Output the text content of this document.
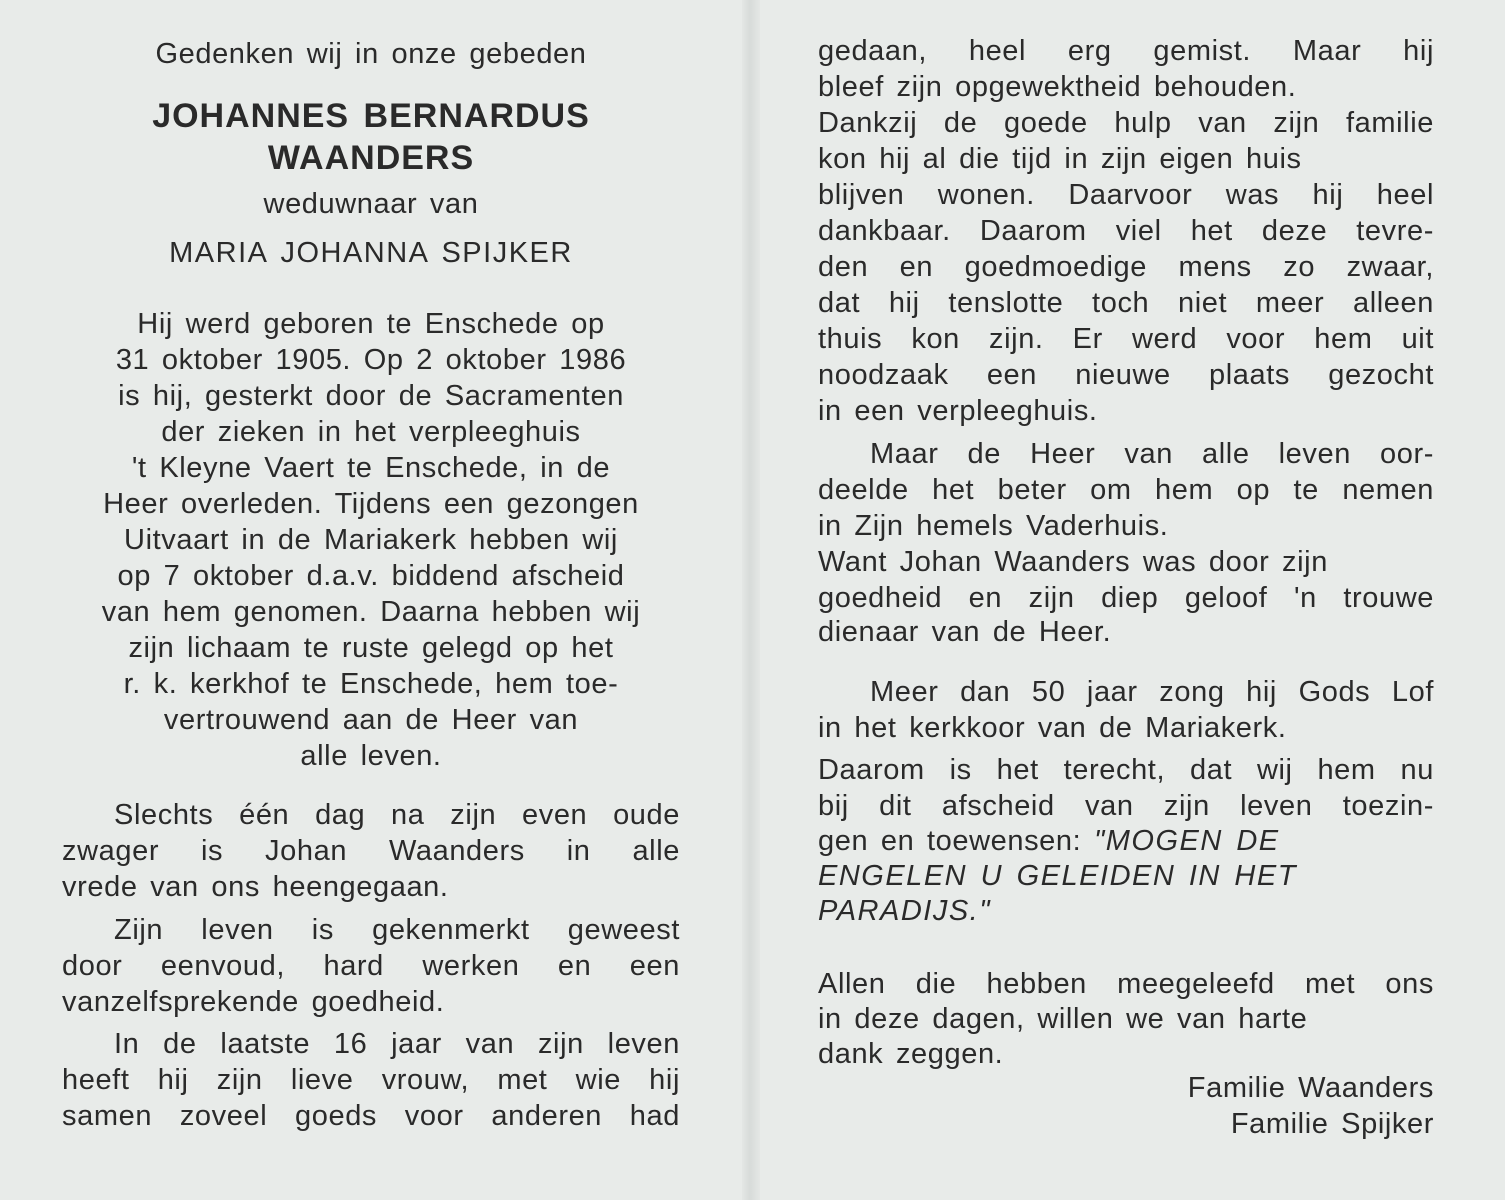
Gedenken wij in onze gebeden
JOHANNES BERNARDUS
WAANDERS
weduwnaar van
MARIA JOHANNA SPIJKER
Hij werd geboren te Enschede op
31 oktober 1905. Op 2 oktober 1986
is hij, gesterkt door de Sacramenten
der zieken in het verpleeghuis
't Kleyne Vaert te Enschede, in de
Heer overleden. Tijdens een gezongen
Uitvaart in de Mariakerk hebben wij
op 7 oktober d.a.v. biddend afscheid
van hem genomen. Daarna hebben wij
zijn lichaam te ruste gelegd op het
r. k. kerkhof te Enschede, hem toe-
vertrouwend aan de Heer van
alle leven.
Slechts één dag na zijn even oude
zwager is Johan Waanders in alle
vrede van ons heengegaan.
Zijn leven is gekenmerkt geweest
door eenvoud, hard werken en een
vanzelfsprekende goedheid.
In de laatste 16 jaar van zijn leven
heeft hij zijn lieve vrouw, met wie hij
samen zoveel goeds voor anderen had
gedaan, heel erg gemist. Maar hij
bleef zijn opgewektheid behouden.
Dankzij de goede hulp van zijn familie
kon hij al die tijd in zijn eigen huis
blijven wonen. Daarvoor was hij heel
dankbaar. Daarom viel het deze tevre-
den en goedmoedige mens zo zwaar,
dat hij tenslotte toch niet meer alleen
thuis kon zijn. Er werd voor hem uit
noodzaak een nieuwe plaats gezocht
in een verpleeghuis.
Maar de Heer van alle leven oor-
deelde het beter om hem op te nemen
in Zijn hemels Vaderhuis.
Want Johan Waanders was door zijn
goedheid en zijn diep geloof 'n trouwe
dienaar van de Heer.
Meer dan 50 jaar zong hij Gods Lof
in het kerkkoor van de Mariakerk.
Daarom is het terecht, dat wij hem nu
bij dit afscheid van zijn leven toezin-
gen en toewensen: "MOGEN DE
ENGELEN U GELEIDEN IN HET
PARADIJS."
Allen die hebben meegeleefd met ons
in deze dagen, willen we van harte
dank zeggen.
Familie Waanders
Familie Spijker
